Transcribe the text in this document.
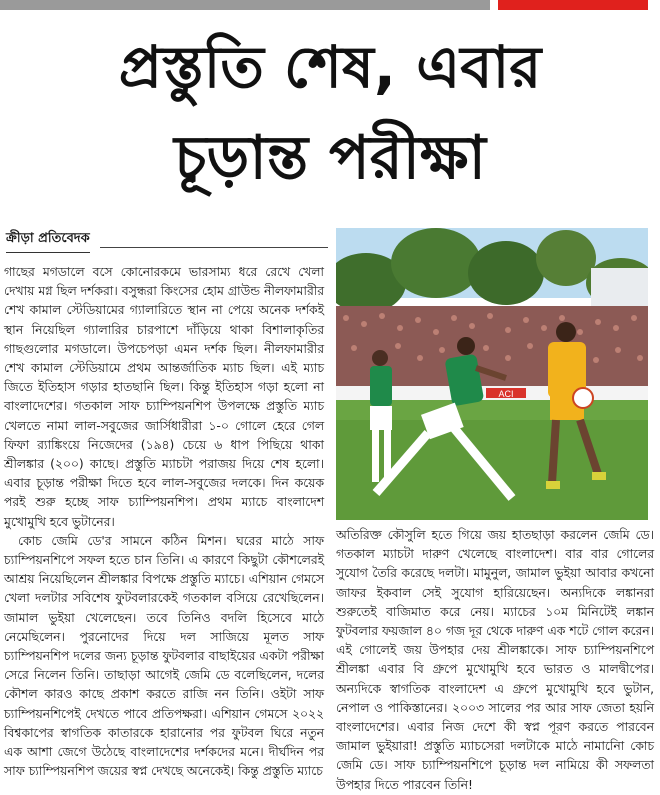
প্রস্তুতি শেষ, এবার
চূড়ান্ত পরীক্ষা
ক্রীড়া প্রতিবেদক
ACI

গাছের মগডালে বসে কোনোরকমে ভারসাম্য ধরে রেখে খেলা দেখায় মগ্ন ছিল দর্শকরা। বসুন্ধরা কিংসের হোম গ্রাউন্ড নীলফামারীর শেখ কামাল স্টেডিয়ামের গ্যালারিতে স্থান না পেয়ে অনেক দর্শকই স্থান নিয়েছিল গ্যালারির চারপাশে দাঁড়িয়ে থাকা বিশালাকৃতির গাছগুলোর মগডালে। উপচেপড়া এমন দর্শক ছিল। নীলফামারীর শেখ কামাল স্টেডিয়ামে প্রথম আন্তর্জাতিক ম্যাচ ছিল। এই ম্যাচ জিতে ইতিহাস গড়ার হাতছানি ছিল। কিন্তু ইতিহাস গড়া হলো না বাংলাদেশের। গতকাল সাফ চ্যাম্পিয়নশিপ উপলক্ষে প্রস্তুতি ম্যাচ খেলতে নামা লাল-সবুজের জার্সিধারীরা ১-০ গোলে হেরে গেল ফিফা র‍্যাঙ্কিংয়ে নিজেদের (১৯৪) চেয়ে ৬ ধাপ পিছিয়ে থাকা শ্রীলঙ্কার (২০০) কাছে। প্রস্তুতি ম্যাচটা পরাজয় দিয়ে শেষ হলো। এবার চূড়ান্ত পরীক্ষা দিতে হবে লাল-সবুজের দলকে। দিন কয়েক পরই শুরু হচ্ছে সাফ চ্যাম্পিয়নশিপ। প্রথম ম্যাচে বাংলাদেশ মুখোমুখি হবে ভুটানের।

কোচ জেমি ডে'র সামনে কঠিন মিশন। ঘরের মাঠে সাফ চ্যাম্পিয়নশিপে সফল হতে চান তিনি। এ কারণে কিছুটা কৌশলেরই আশ্রয় নিয়েছিলেন শ্রীলঙ্কার বিপক্ষে প্রস্তুতি ম্যাচে। এশিয়ান গেমসে খেলা দলটার সবিশেষ ফুটবলারকেই গতকাল বসিয়ে রেখেছিলেন। জামাল ভুইয়া খেলেছেন। তবে তিনিও বদলি হিসেবে মাঠে নেমেছিলেন। পুরনোদের দিয়ে দল সাজিয়ে মূলত সাফ চ্যাম্পিয়নশিপ দলের জন্য চূড়ান্ত ফুটবলার বাছাইয়ের একটা পরীক্ষা সেরে নিলেন তিনি। তাছাড়া আগেই জেমি ডে বলেছিলেন, দলের কৌশল কারও কাছে প্রকাশ করতে রাজি নন তিনি। ওইটা সাফ চ্যাম্পিয়নশিপেই দেখতে পাবে প্রতিপক্ষরা। এশিয়ান গেমসে ২০২২ বিশ্বকাপের স্বাগতিক কাতারকে হারানোর পর ফুটবল ঘিরে নতুন এক আশা জেগে উঠেছে বাংলাদেশের দর্শকদের মনে। দীর্ঘদিন পর সাফ চ্যাম্পিয়নশিপ জয়ের স্বপ্ন দেখছে অনেকেই। কিন্তু প্রস্তুতি ম্যাচে

অতিরিক্ত কৌসুলি হতে গিয়ে জয় হাতছাড়া করলেন জেমি ডে। গতকাল ম্যাচটা দারুণ খেলেছে বাংলাদেশ। বার বার গোলের সুযোগ তৈরি করেছে দলটা। মামুনুল, জামাল ভুইয়া আবার কখনো জাফর ইকবাল সেই সুযোগ হারিয়েছেন। অন্যদিকে লঙ্কানরা শুরুতেই বাজিমাত করে নেয়। ম্যাচের ১০ম মিনিটেই লঙ্কান ফুটবলার ফয়জাল ৪০ গজ দূর থেকে দারুণ এক শটে গোল করেন। এই গোলেই জয় উপহার দেয় শ্রীলঙ্কাকে। সাফ চ্যাম্পিয়নশিপে শ্রীলঙ্কা এবার বি গ্রুপে মুখোমুখি হবে ভারত ও মালদ্বীপের। অন্যদিকে স্বাগতিক বাংলাদেশ এ গ্রুপে মুখোমুখি হবে ভুটান, নেপাল ও পাকিস্তানের। ২০০৩ সালের পর আর সাফ জেতা হয়নি বাংলাদেশের। এবার নিজ দেশে কী স্বপ্ন পূরণ করতে পারবেন জামাল ভুইয়ারা! প্রস্তুতি ম্যাচসেরা দলটাকে মাঠে নামানিো কোচ জেমি ডে। সাফ চ্যাম্পিয়নশিপে চূড়ান্ত দল নামিয়ে কী সফলতা উপহার দিতে পারবেন তিনি!
